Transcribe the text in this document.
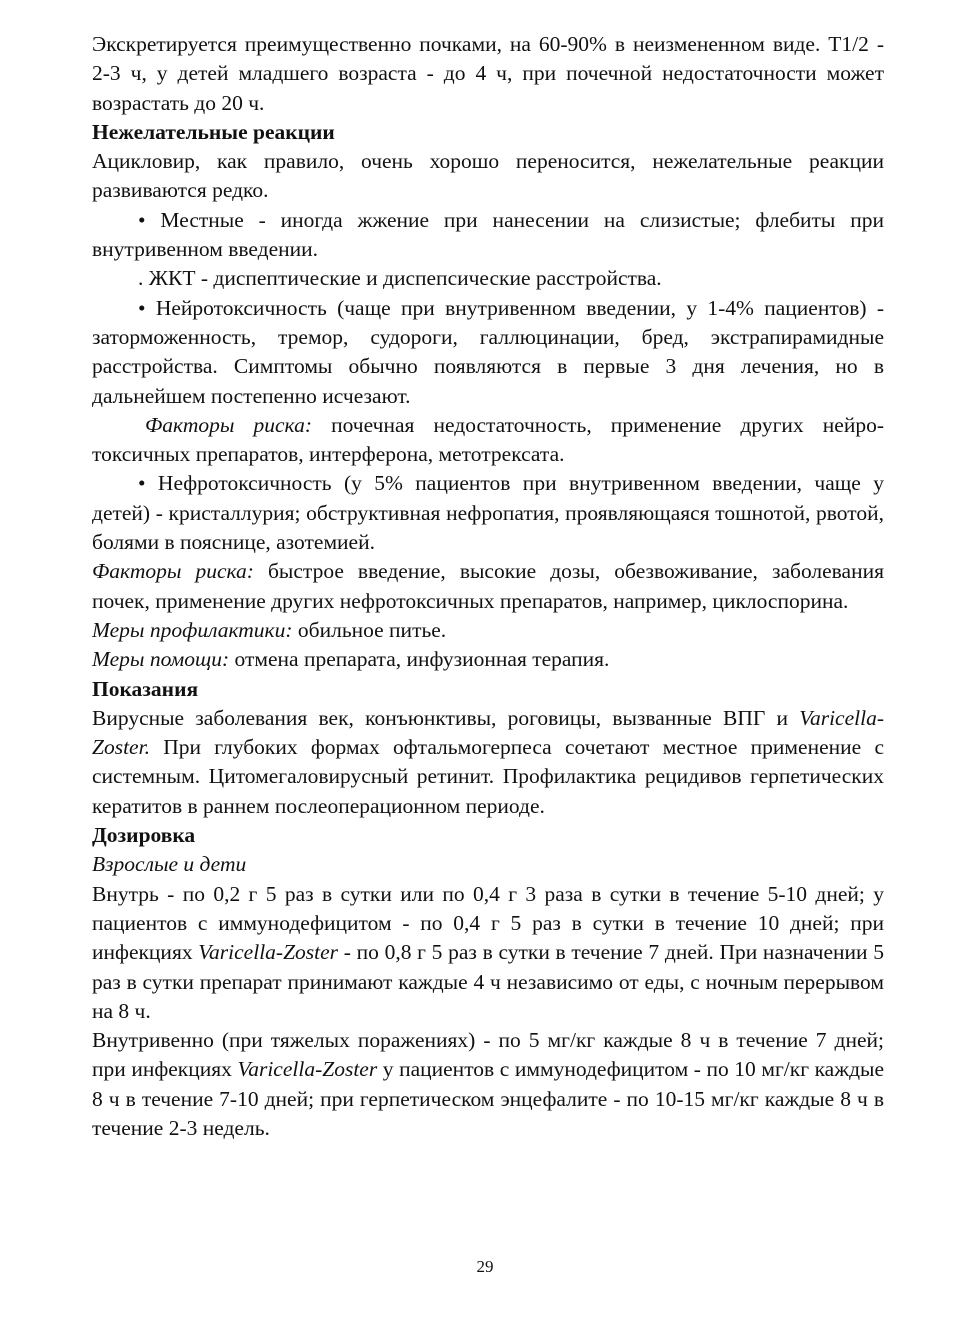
Экскретируется преимущественно почками, на 60-90% в неизмененном виде. Т1/2 - 2-3 ч, у детей младшего возраста - до 4 ч, при почечной недостаточности может возрастать до 20 ч.

Нежелательные реакции

Ацикловир, как правило, очень хорошо переносится, нежелательные реакции развиваются редко.

• Местные - иногда жжение при нанесении на слизистые; флебиты при внутривенном введении.

. ЖКТ - диспептические и диспепсические расстройства.

• Нейротоксичность (чаще при внутривенном введении, у 1-4% пациентов) - заторможенность, тремор, судороги, галлюцинации, бред, экстрапирамидные расстройства. Симптомы обычно появляются в первые 3 дня лечения, но в дальнейшем постепенно исчезают.

Факторы риска: почечная недостаточность, применение других нейро-токсичных препаратов, интерферона, метотрексата.

• Нефротоксичность (у 5% пациентов при внутривенном введении, чаще у детей) - кристаллурия; обструктивная нефропатия, проявляющаяся тошнотой, рвотой, болями в пояснице, азотемией.

Факторы риска: быстрое введение, высокие дозы, обезвоживание, заболевания почек, применение других нефротоксичных препаратов, например, циклоспорина.

Меры профилактики: обильное питье.

Меры помощи: отмена препарата, инфузионная терапия.

Показания

Вирусные заболевания век, конъюнктивы, роговицы, вызванные ВПГ и Varicella-Zoster. При глубоких формах офтальмогерпеса сочетают местное применение с системным. Цитомегаловирусный ретинит. Профилактика рецидивов герпетических кератитов в раннем послеоперационном периоде.

Дозировка

Взрослые и дети

Внутрь - по 0,2 г 5 раз в сутки или по 0,4 г 3 раза в сутки в течение 5-10 дней; у пациентов с иммунодефицитом - по 0,4 г 5 раз в сутки в течение 10 дней; при инфекциях Varicella-Zoster - по 0,8 г 5 раз в сутки в течение 7 дней. При назначении 5 раз в сутки препарат принимают каждые 4 ч независимо от еды, с ночным перерывом на 8 ч.

Внутривенно (при тяжелых поражениях) - по 5 мг/кг каждые 8 ч в течение 7 дней; при инфекциях Varicella-Zoster у пациентов с иммунодефицитом - по 10 мг/кг каждые 8 ч в течение 7-10 дней; при герпетическом энцефалите - по 10-15 мг/кг каждые 8 ч в течение 2-3 недель.

29
